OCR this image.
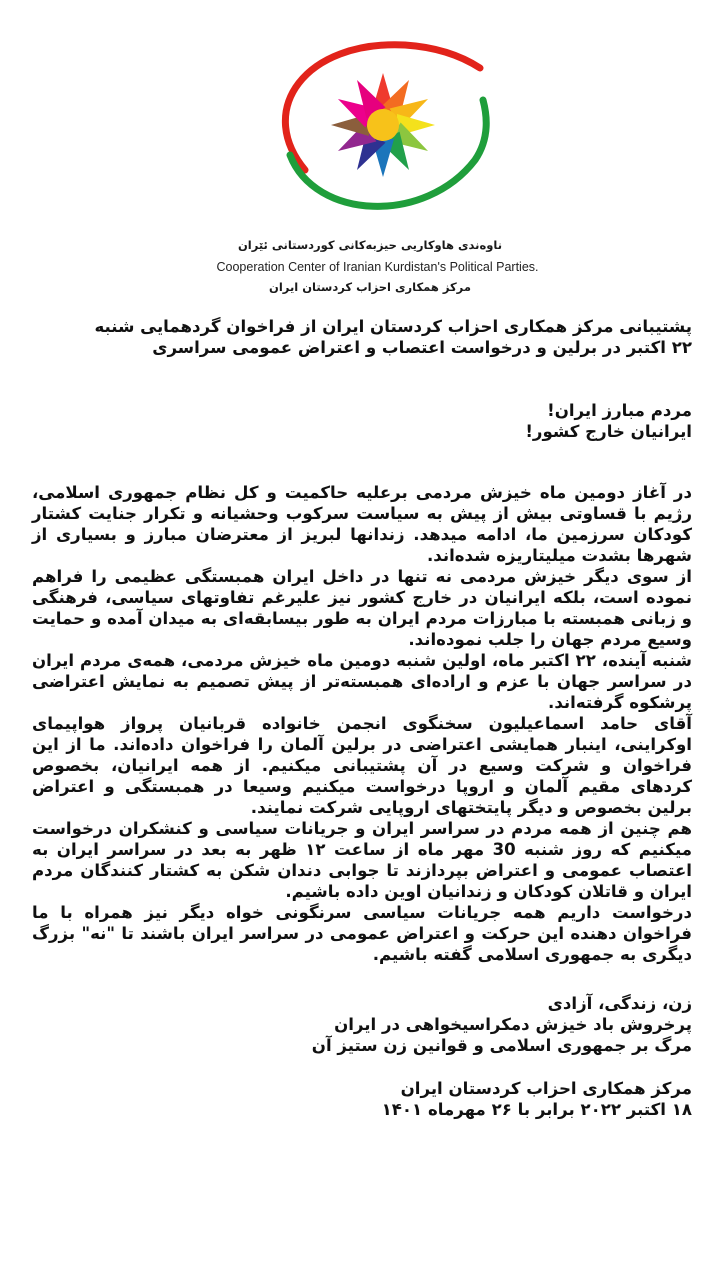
ناوەندی هاوکاریی حیزبەکانی کوردستانی ئێران
Cooperation Center of Iranian Kurdistan's Political Parties.
مرکز همکاری احزاب کردستان ایران

پشتیبانی مرکز همکاری احزاب کردستان ایران از فراخوان گردهمایی شنبه

۲۲ اکتبر در برلین و درخواست اعتصاب و اعتراض عمومی سراسری

مردم مبارز ایران!

ایرانیان خارج کشور!

در آغاز دومین ماه خیزش مردمی برعلیه حاکمیت و کل نظام جمهوری اسلامی، رژیم با قساوتی بیش از پیش به سیاست سرکوب وحشیانه و تکرار جنایت کشتار کودکان سرزمین ما، ادامه میدهد. زندانها لبریز از معترضان مبارز و بسیاری از شهرها بشدت میلیتاریزه شده‌اند.

از سوی دیگر خیزش مردمی نه تنها در داخل ایران همبستگی عظیمی را فراهم نموده است، بلکه ایرانیان در خارج کشور نیز علیرغم تفاوتهای سیاسی، فرهنگی و زبانی همبسته با مبارزات مردم ایران به طور بیسابقه‌ای به میدان آمده و حمایت وسیع مردم جهان را جلب نموده‌اند.

شنبه آینده، ۲۲ اکتبر ماه، اولین شنبه دومین ماه خیزش مردمی، همه‌ی مردم ایران در سراسر جهان با عزم و اراده‌ای همبسته‌تر از پیش تصمیم به نمایش اعتراضی پرشکوه گرفته‌اند.

آقای حامد اسماعیلیون سخنگوی انجمن خانواده قربانیان پرواز هواپیمای اوکراینی، اینبار همایشی اعتراضی در برلین آلمان را فراخوان داده‌اند. ما از این فراخوان و شرکت وسیع در آن پشتیبانی میکنیم. از همه ایرانیان، بخصوص کردهای مقیم آلمان و اروپا درخواست میکنیم وسیعا در همبستگی و اعتراض برلین بخصوص و دیگر پایتختهای اروپایی شرکت نمایند.

هم چنین از همه مردم در سراسر ایران و جریانات سیاسی و کنشکران درخواست میکنیم که روز شنبه 30 مهر ماه از ساعت ۱۲ ظهر به بعد در سراسر ایران به اعتصاب عمومی و اعتراض بپردازند تا جوابی دندان شکن به کشتار کنندگان مردم ایران و قاتلان کودکان و زندانیان اوین داده باشیم.

درخواست داریم همه جریانات سیاسی سرنگونی خواه دیگر نیز همراه با ما فراخوان دهنده این حرکت و اعتراض عمومی در سراسر ایران باشند تا "نه" بزرگ دیگری به جمهوری اسلامی گفته باشیم.

زن، زندگی، آزادی

پرخروش باد خیزش دمکراسیخواهی در ایران

مرگ بر جمهوری اسلامی و قوانین زن ستیز آن

مرکز همکاری احزاب کردستان ایران

۱۸ اکتبر ۲۰۲۲ برابر با ۲۶ مهرماه ۱۴۰۱
